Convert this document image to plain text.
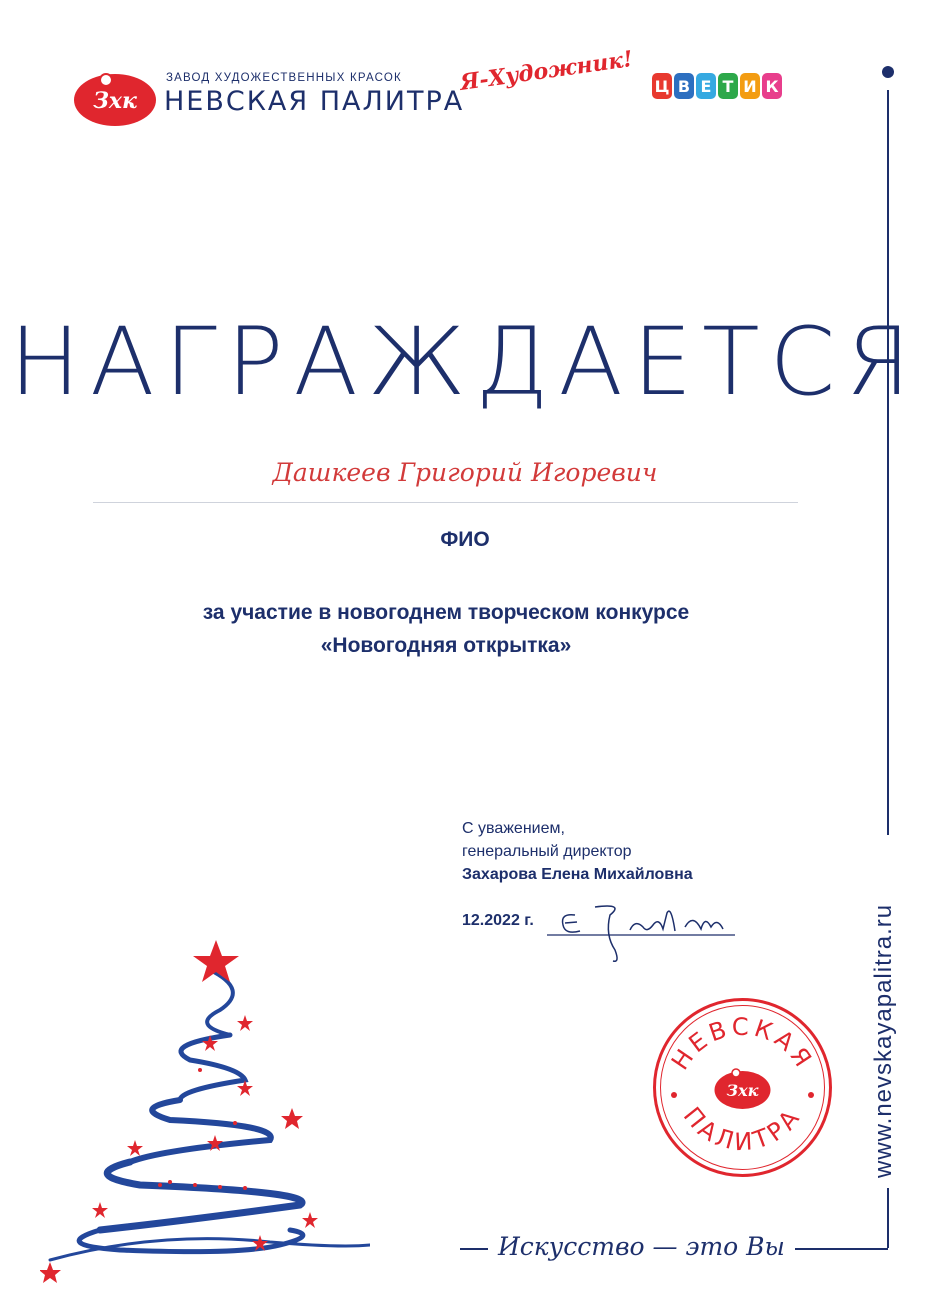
Зхк
ЗАВОД ХУДОЖЕСТВЕННЫХ КРАСОК
НЕВСКАЯ ПАЛИТРА
Я-Художник! Ц В Е Т И К
www.nevskayapalitra.ru
НАГРАЖДАЕТСЯ
Дашкеев Григорий Игоревич
ФИО
за участие в новогоднем творческом конкурсе
«Новогодняя открытка»
С уважением,
генеральный директор
Захарова Елена Михайловна
12.2022 г.
НЕВСКАЯ
ПАЛИТРА
Зхк
Искусство — это Вы
